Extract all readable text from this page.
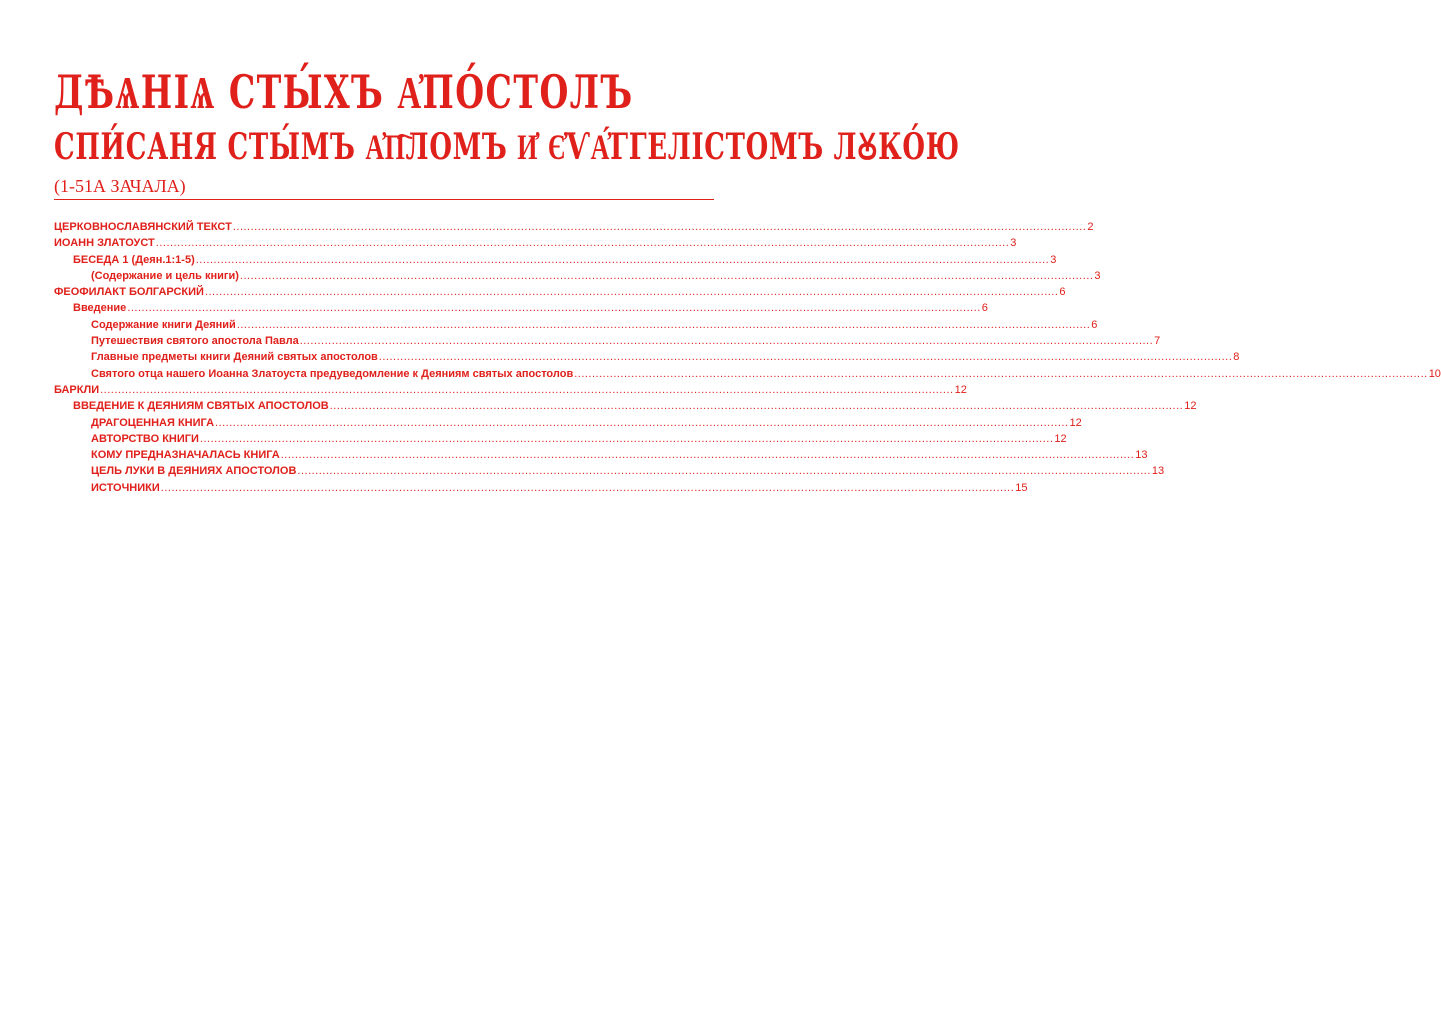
ДѢѦНІѦ СТЫ́ХЪ А҆ПО́СТОЛЪ
СПИ́САНЯ СТЫ́МЪ А҆П҇ЛОМЪ И҆ Є҆ѴА҆́ГГЕЛІСТОМЪ ЛꙊКО́Ю
(1-51А ЗАЧАЛА)
ЦЕРКОВНОСЛАВЯНСКИЙ ТЕКСТ .....	2
ИОАНН ЗЛАТОУСТ .....	3
БЕСЕДА 1 (Деян.1:1-5) .....	3
(Содержание и цель книги) .....	3
ФЕОФИЛАКТ БОЛГАРСКИЙ .....	6
Введение .....	6
Содержание книги Деяний .....	6
Путешествия святого апостола Павла .....	7
Главные предметы книги Деяний святых апостолов .....	8
Святого отца нашего Иоанна Златоуста предуведомление к Деяниям святых апостолов .....	10
БАРКЛИ .....	12
ВВЕДЕНИЕ К ДЕЯНИЯМ СВЯТЫХ АПОСТОЛОВ .....	12
ДРАГОЦЕННАЯ КНИГА .....	12
АВТОРСТВО КНИГИ .....	12
КОМУ ПРЕДНАЗНАЧАЛАСЬ КНИГА .....	13
ЦЕЛЬ ЛУКИ В ДЕЯНИЯХ АПОСТОЛОВ .....	13
ИСТОЧНИКИ .....	15
